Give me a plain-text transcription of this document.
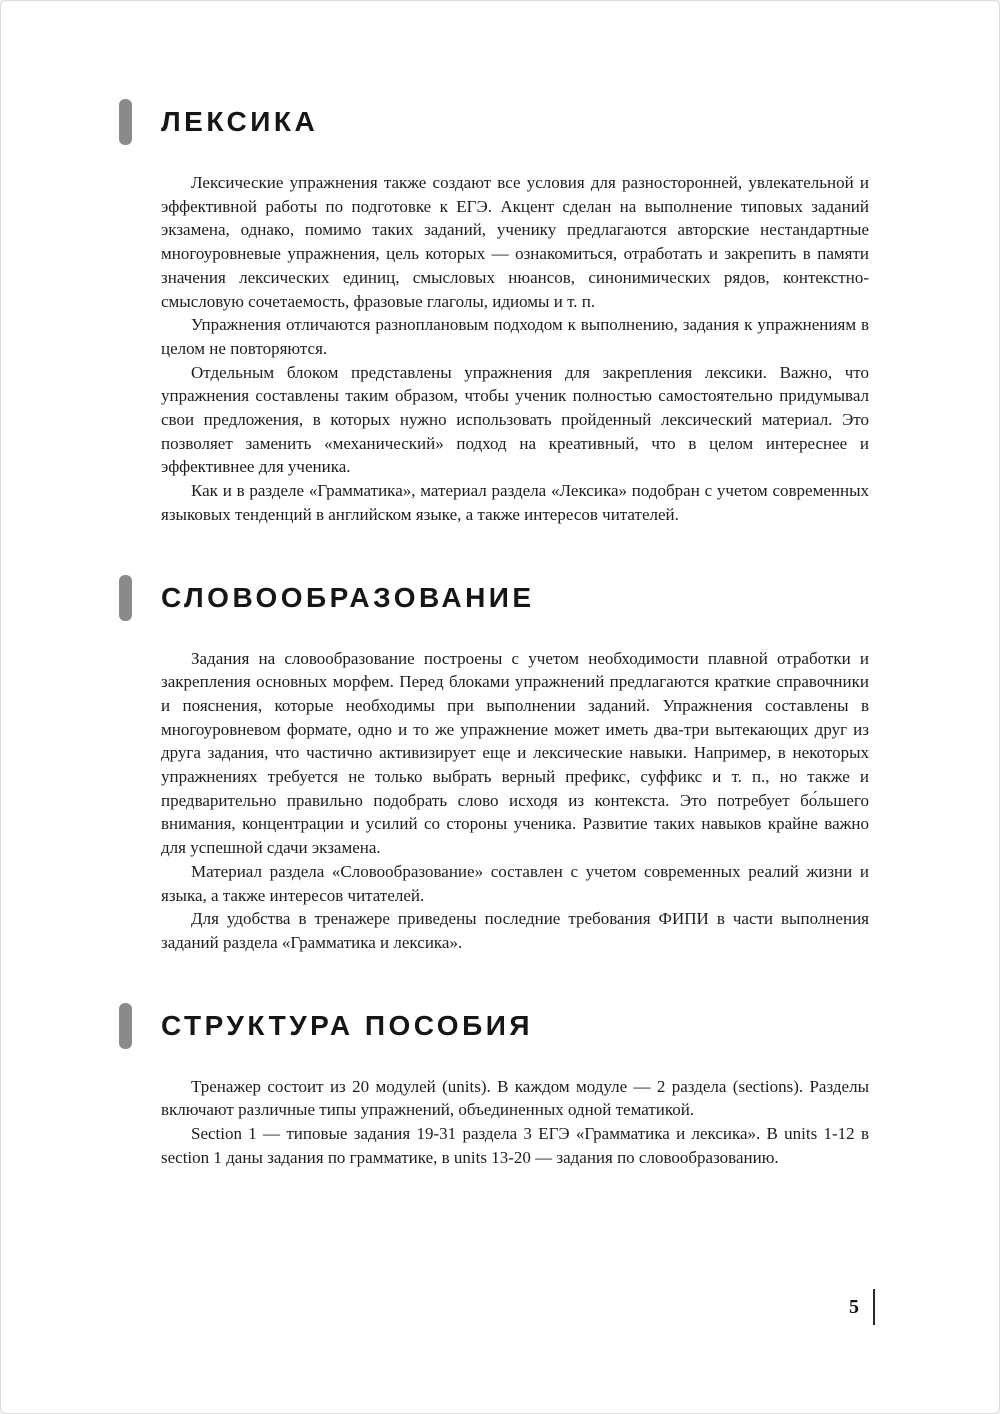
ЛЕКСИКА

Лексические упражнения также создают все условия для разносторонней, увлекательной и эффективной работы по подготовке к ЕГЭ. Акцент сделан на выполнение типовых заданий экзамена, однако, помимо таких заданий, ученику предлагаются авторские нестандартные многоуровневые упражнения, цель которых — ознакомиться, отработать и закрепить в памяти значения лексических единиц, смысловых нюансов, синонимических рядов, контекстно-смысловую сочетаемость, фразовые глаголы, идиомы и т. п.

Упражнения отличаются разноплановым подходом к выполнению, задания к упражнениям в целом не повторяются.

Отдельным блоком представлены упражнения для закрепления лексики. Важно, что упражнения составлены таким образом, чтобы ученик полностью самостоятельно придумывал свои предложения, в которых нужно использовать пройденный лексический материал. Это позволяет заменить «механический» подход на креативный, что в целом интереснее и эффективнее для ученика.

Как и в разделе «Грамматика», материал раздела «Лексика» подобран с учетом современных языковых тенденций в английском языке, а также интересов читателей.

СЛОВООБРАЗОВАНИЕ

Задания на словообразование построены с учетом необходимости плавной отработки и закрепления основных морфем. Перед блоками упражнений предлагаются краткие справочники и пояснения, которые необходимы при выполнении заданий. Упражнения составлены в многоуровневом формате, одно и то же упражнение может иметь два-три вытекающих друг из друга задания, что частично активизирует еще и лексические навыки. Например, в некоторых упражнениях требуется не только выбрать верный префикс, суффикс и т. п., но также и предварительно правильно подобрать слово исходя из контекста. Это потребует бо́льшего внимания, концентрации и усилий со стороны ученика. Развитие таких навыков крайне важно для успешной сдачи экзамена.

Материал раздела «Словообразование» составлен с учетом современных реалий жизни и языка, а также интересов читателей.

Для удобства в тренажере приведены последние требования ФИПИ в части выполнения заданий раздела «Грамматика и лексика».

СТРУКТУРА ПОСОБИЯ

Тренажер состоит из 20 модулей (units). В каждом модуле — 2 раздела (sections). Разделы включают различные типы упражнений, объединенных одной тематикой.

Section 1 — типовые задания 19-31 раздела 3 ЕГЭ «Грамматика и лексика». В units 1-12 в section 1 даны задания по грамматике, в units 13-20 — задания по словообразованию.

5
